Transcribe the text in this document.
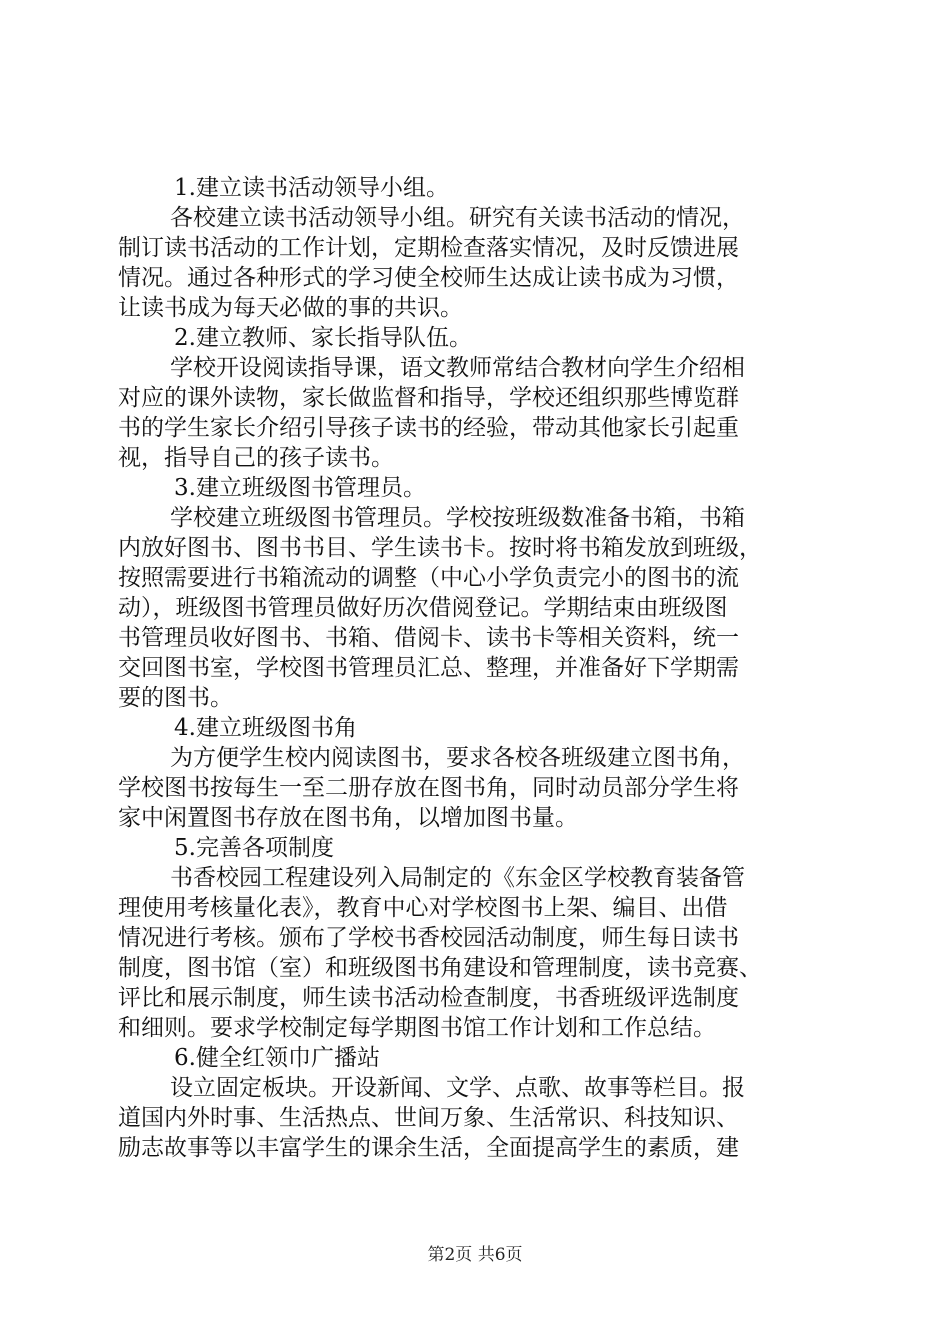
1.建立读书活动领导小组。
各校建立读书活动领导小组。研究有关读书活动的情况，
制订读书活动的工作计划，定期检查落实情况，及时反馈进展
情况。通过各种形式的学习使全校师生达成让读书成为习惯，
让读书成为每天必做的事的共识。
2.建立教师、家长指导队伍。
学校开设阅读指导课，语文教师常结合教材向学生介绍相
对应的课外读物，家长做监督和指导，学校还组织那些博览群
书的学生家长介绍引导孩子读书的经验，带动其他家长引起重
视，指导自己的孩子读书。
3.建立班级图书管理员。
学校建立班级图书管理员。学校按班级数准备书箱，书箱
内放好图书、图书书目、学生读书卡。按时将书箱发放到班级，
按照需要进行书箱流动的调整（中心小学负责完小的图书的流
动），班级图书管理员做好历次借阅登记。学期结束由班级图
书管理员收好图书、书箱、借阅卡、读书卡等相关资料，统一
交回图书室，学校图书管理员汇总、整理，并准备好下学期需
要的图书。
4.建立班级图书角
为方便学生校内阅读图书，要求各校各班级建立图书角，
学校图书按每生一至二册存放在图书角，同时动员部分学生将
家中闲置图书存放在图书角，以增加图书量。
5.完善各项制度
书香校园工程建设列入局制定的《东金区学校教育装备管
理使用考核量化表》，教育中心对学校图书上架、编目、出借
情况进行考核。颁布了学校书香校园活动制度，师生每日读书
制度，图书馆（室）和班级图书角建设和管理制度，读书竞赛、
评比和展示制度，师生读书活动检查制度，书香班级评选制度
和细则。要求学校制定每学期图书馆工作计划和工作总结。
6.健全红领巾广播站
设立固定板块。开设新闻、文学、点歌、故事等栏目。报
道国内外时事、生活热点、世间万象、生活常识、科技知识、
励志故事等以丰富学生的课余生活，全面提高学生的素质，建
第2页 共6页
